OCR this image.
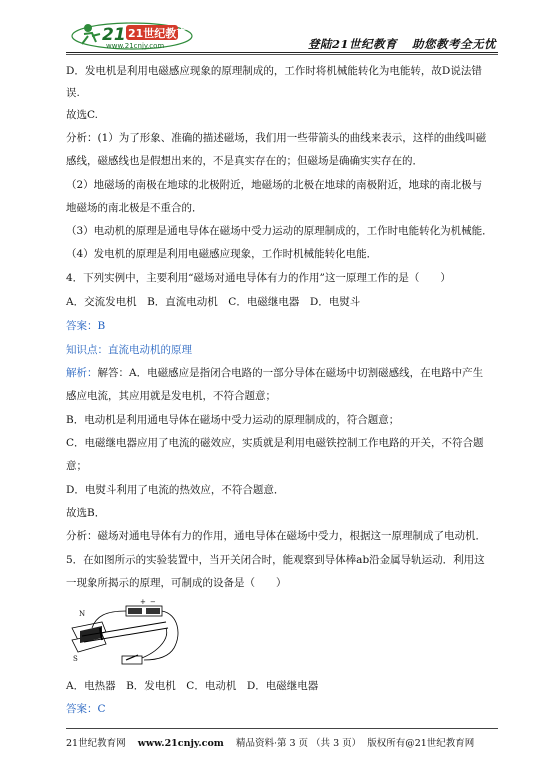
21 21世纪教育
www.21cnjy.com	登陆21世纪教育 助您教考全无忧
D．发电机是利用电磁感应现象的原理制成的，工作时将机械能转化为电能转，故D说法错
误.
故选C.
分析：(1）为了形象、准确的描述磁场，我们用一些带箭头的曲线来表示，这样的曲线叫磁
感线，磁感线也是假想出来的，不是真实存在的；但磁场是确确实实存在的．
（2）地磁场的南极在地球的北极附近，地磁场的北极在地球的南极附近，地球的南北极与
地磁场的南北极是不重合的．
（3）电动机的原理是通电导体在磁场中受力运动的原理制成的，工作时电能转化为机械能．
（4）发电机的原理是利用电磁感应现象，工作时机械能转化电能．
4．下列实例中，主要利用“磁场对通电导体有力的作用”这一原理工作的是（　　）
A．交流发电机　B．直流电动机　C．电磁继电器　D．电熨斗
答案：B
知识点：直流电动机的原理
解析：解答：A．电磁感应是指闭合电路的一部分导体在磁场中切割磁感线，在电路中产生
感应电流，其应用就是发电机，不符合题意；
B．电动机是利用通电导体在磁场中受力运动的原理制成的，符合题意；
C．电磁继电器应用了电流的磁效应，实质就是利用电磁铁控制工作电路的开关，不符合题
意；
D．电熨斗利用了电流的热效应，不符合题意．
故选B．
分析：磁场对通电导体有力的作用，通电导体在磁场中受力，根据这一原理制成了电动机．
5．在如图所示的实验装置中，当开关闭合时，能观察到导体棒ab沿金属导轨运动．利用这
一现象所揭示的原理，可制成的设备是（　　）
N
S
+ −
A．电热器　B．发电机　C．电动机　D．电磁继电器
答案：C
21世纪教育网 www.21cnjy.com 精品资料·第 3 页 （共 3 页） 版权所有@21世纪教育网
